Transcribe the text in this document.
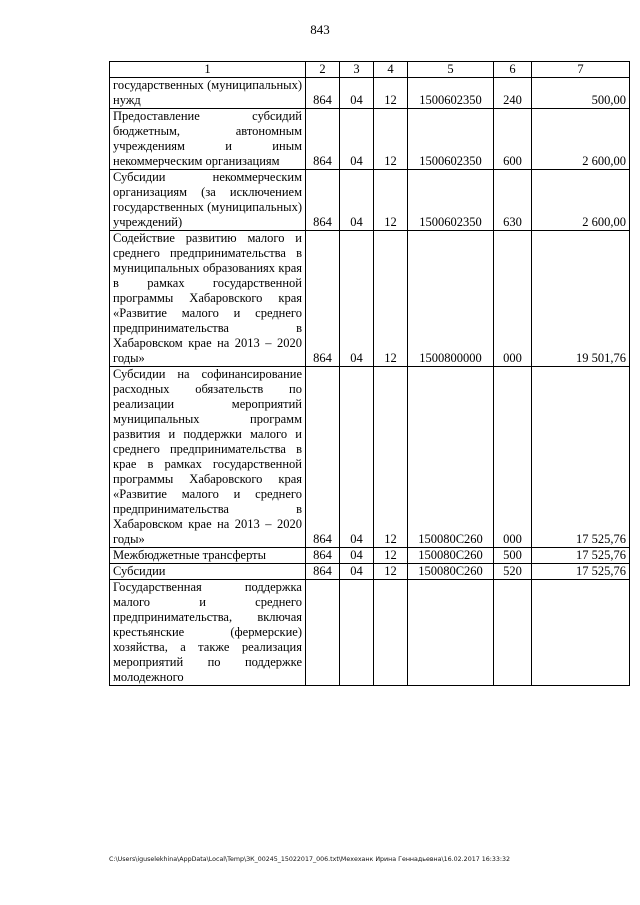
843
1	2	3	4	5	6	7
государственных (муниципальных) нужд	864	04	12	1500602350	240	500,00
Предоставление субсидий бюджетным, автономным учреждениям и иным некоммерческим организациям	864	04	12	1500602350	600	2 600,00
Субсидии некоммерческим организациям (за исключением государственных (муниципальных) учреждений)	864	04	12	1500602350	630	2 600,00
Содействие развитию малого и среднего предпринимательства в муниципальных образованиях края в рамках государственной программы Хабаровского края «Развитие малого и среднего предпринимательства в Хабаровском крае на 2013 – 2020 годы»	864	04	12	1500800000	000	19 501,76
Субсидии на софинансирование расходных обязательств по реализации мероприятий муниципальных программ развития и поддержки малого и среднего предпринимательства в крае в рамках государственной программы Хабаровского края «Развитие малого и среднего предпринимательства в Хабаровском крае на 2013 – 2020 годы»	864	04	12	150080С260	000	17 525,76
Межбюджетные трансферты	864	04	12	150080С260	500	17 525,76
Субсидии	864	04	12	150080С260	520	17 525,76
Государственная поддержка малого и среднего предпринимательства, включая крестьянские (фермерские) хозяйства, а также реализация мероприятий по поддержке молодежного						
C:\Users\iguselekhina\AppData\Local\Temp\ЗК_00245_15022017_006.txt\Мехеханк Ирина Геннадьевна\16.02.2017 16:33:32
